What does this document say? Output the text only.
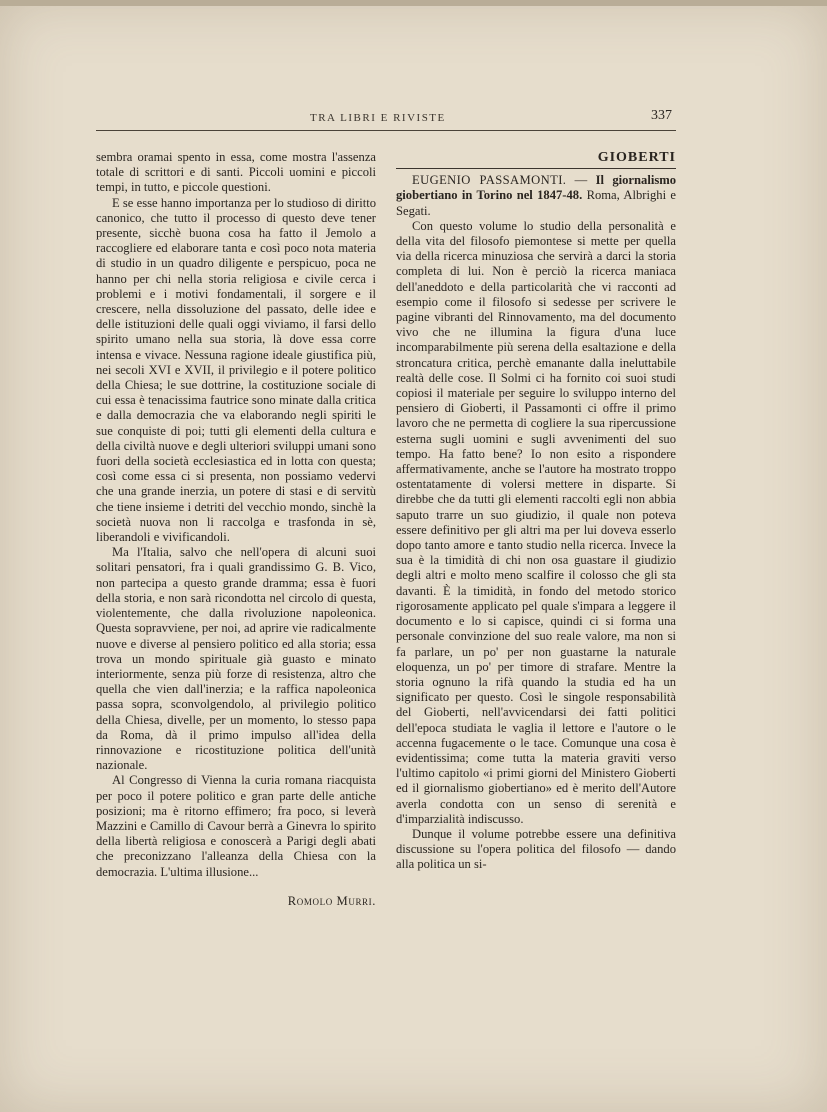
TRA LIBRI E RIVISTE	337

sembra oramai spento in essa, come mostra l'assenza totale di scrittori e di santi. Piccoli uomini e piccoli tempi, in tutto, e piccole questioni.

E se esse hanno importanza per lo studioso di diritto canonico, che tutto il processo di questo deve tener presente, sicchè buona cosa ha fatto il Jemolo a raccogliere ed elaborare tanta e così poco nota materia di studio in un quadro diligente e perspicuo, poca ne hanno per chi nella storia religiosa e civile cerca i problemi e i motivi fondamentali, il sorgere e il crescere, nella dissoluzione del passato, delle idee e delle istituzioni delle quali oggi viviamo, il farsi dello spirito umano nella sua storia, là dove essa corre intensa e vivace. Nessuna ragione ideale giustifica più, nei secoli XVI e XVII, il privilegio e il potere politico della Chiesa; le sue dottrine, la costituzione sociale di cui essa è tenacissima fautrice sono minate dalla critica e dalla democrazia che va elaborando negli spiriti le sue conquiste di poi; tutti gli elementi della cultura e della civiltà nuove e degli ulteriori sviluppi umani sono fuori della società ecclesiastica ed in lotta con questa; così come essa ci si presenta, non possiamo vedervi che una grande inerzia, un potere di stasi e di servitù che tiene insieme i detriti del vecchio mondo, sinchè la società nuova non li raccolga e trasfonda in sè, liberandoli e vivificandoli.

Ma l'Italia, salvo che nell'opera di alcuni suoi solitari pensatori, fra i quali grandissimo G. B. Vico, non partecipa a questo grande dramma; essa è fuori della storia, e non sarà ricondotta nel circolo di questa, violentemente, che dalla rivoluzione napoleonica. Questa sopravviene, per noi, ad aprire vie radicalmente nuove e diverse al pensiero politico ed alla storia; essa trova un mondo spirituale già guasto e minato interiormente, senza più forze di resistenza, altro che quella che vien dall'inerzia; e la raffica napoleonica passa sopra, sconvolgendolo, al privilegio politico della Chiesa, divelle, per un momento, lo stesso papa da Roma, dà il primo impulso all'idea della rinnovazione e ricostituzione politica dell'unità nazionale.

Al Congresso di Vienna la curia romana riacquista per poco il potere politico e gran parte delle antiche posizioni; ma è ritorno effimero; fra poco, si leverà Mazzini e Camillo di Cavour berrà a Ginevra lo spirito della libertà religiosa e conoscerà a Parigi degli abati che preconizzano l'alleanza della Chiesa con la democrazia. L'ultima illusione...

Romolo Murri.
GIOBERTI

EUGENIO PASSAMONTI. — Il giornalismo giobertiano in Torino nel 1847-48. Roma, Albrighi e Segati.

Con questo volume lo studio della personalità e della vita del filosofo piemontese si mette per quella via della ricerca minuziosa che servirà a darci la storia completa di lui. Non è perciò la ricerca maniaca dell'aneddoto e della particolarità che vi racconti ad esempio come il filosofo si sedesse per scrivere le pagine vibranti del Rinnovamento, ma del documento vivo che ne illumina la figura d'una luce incomparabilmente più serena della esaltazione e della stroncatura critica, perchè emanante dalla ineluttabile realtà delle cose. Il Solmi ci ha fornito coi suoi studi copiosi il materiale per seguire lo sviluppo interno del pensiero di Gioberti, il Passamonti ci offre il primo lavoro che ne permetta di cogliere la sua ripercussione esterna sugli uomini e sugli avvenimenti del suo tempo. Ha fatto bene? Io non esito a rispondere affermativamente, anche se l'autore ha mostrato troppo ostentatamente di volersi mettere in disparte. Si direbbe che da tutti gli elementi raccolti egli non abbia saputo trarre un suo giudizio, il quale non poteva essere definitivo per gli altri ma per lui doveva esserlo dopo tanto amore e tanto studio nella ricerca. Invece la sua è la timidità di chi non osa guastare il giudizio degli altri e molto meno scalfire il colosso che gli sta davanti. È la timidità, in fondo del metodo storico rigorosamente applicato pel quale s'impara a leggere il documento e lo si capisce, quindi ci si forma una personale convinzione del suo reale valore, ma non si fa parlare, un po' per non guastarne la naturale eloquenza, un po' per timore di strafare. Mentre la storia ognuno la rifà quando la studia ed ha un significato per questo. Così le singole responsabilità del Gioberti, nell'avvicendarsi dei fatti politici dell'epoca studiata le vaglia il lettore e l'autore o le accenna fugacemente o le tace. Comunque una cosa è evidentissima; come tutta la materia graviti verso l'ultimo capitolo «i primi giorni del Ministero Gioberti ed il giornalismo giobertiano» ed è merito dell'Autore averla condotta con un senso di serenità e d'imparzialità indiscusso.

Dunque il volume potrebbe essere una definitiva discussione su l'opera politica del filosofo — dando alla politica un si-
